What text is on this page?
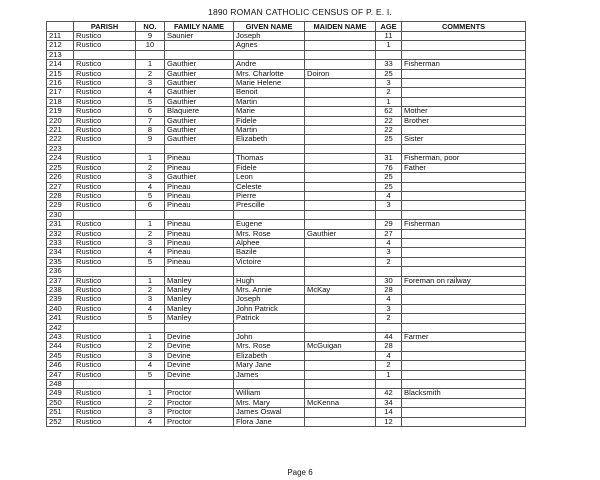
1890 ROMAN CATHOLIC CENSUS OF P. E. I.
	PARISH	NO.	FAMILY NAME	GIVEN NAME	MAIDEN NAME	AGE	COMMENTS
211	Rustico	9	Saunier	Joseph		11	
212	Rustico	10		Agnes		1	
213							
214	Rustico	1	Gauthier	Andre		33	Fisherman
215	Rustico	2	Gauthier	Mrs. Charlotte	Doiron	25	
216	Rustico	3	Gauthier	Marie Helene		3	
217	Rustico	4	Gauthier	Benoit		2	
218	Rustico	5	Gauthier	Martin		1	
219	Rustico	6	Blaquiere	Marie		62	Mother
220	Rustico	7	Gauthier	Fidele		22	Brother
221	Rustico	8	Gauthier	Martin		22	
222	Rustico	9	Gauthier	Elizabeth		25	Sister
223							
224	Rustico	1	Pineau	Thomas		31	Fisherman, poor
225	Rustico	2	Pineau	Fidele		76	Father
226	Rustico	3	Gauthier	Leon		25	
227	Rustico	4	Pineau	Celeste		25	
228	Rustico	5	Pineau	Pierre		4	
229	Rustico	6	Pineau	Prescille		3	
230							
231	Rustico	1	Pineau	Eugene		29	Fisherman
232	Rustico	2	Pineau	Mrs. Rose	Gauthier	27	
233	Rustico	3	Pineau	Alphee		4	
234	Rustico	4	Pineau	Bazile		3	
235	Rustico	5	Pineau	Victoire		2	
236							
237	Rustico	1	Manley	Hugh		30	Foreman on railway
238	Rustico	2	Manley	Mrs. Annie	McKay	28	
239	Rustico	3	Manley	Joseph		4	
240	Rustico	4	Manley	John Patrick		3	
241	Rustico	5	Manley	Patrick		2	
242							
243	Rustico	1	Devine	John		44	Farmer
244	Rustico	2	Devine	Mrs. Rose	McGuigan	28	
245	Rustico	3	Devine	Elizabeth		4	
246	Rustico	4	Devine	Mary Jane		2	
247	Rustico	5	Devine	James		1	
248							
249	Rustico	1	Proctor	William		42	Blacksmith
250	Rustico	2	Proctor	Mrs. Mary	McKenna	34	
251	Rustico	3	Proctor	James Oswal		14	
252	Rustico	4	Proctor	Flora Jane		12	
Page 6
